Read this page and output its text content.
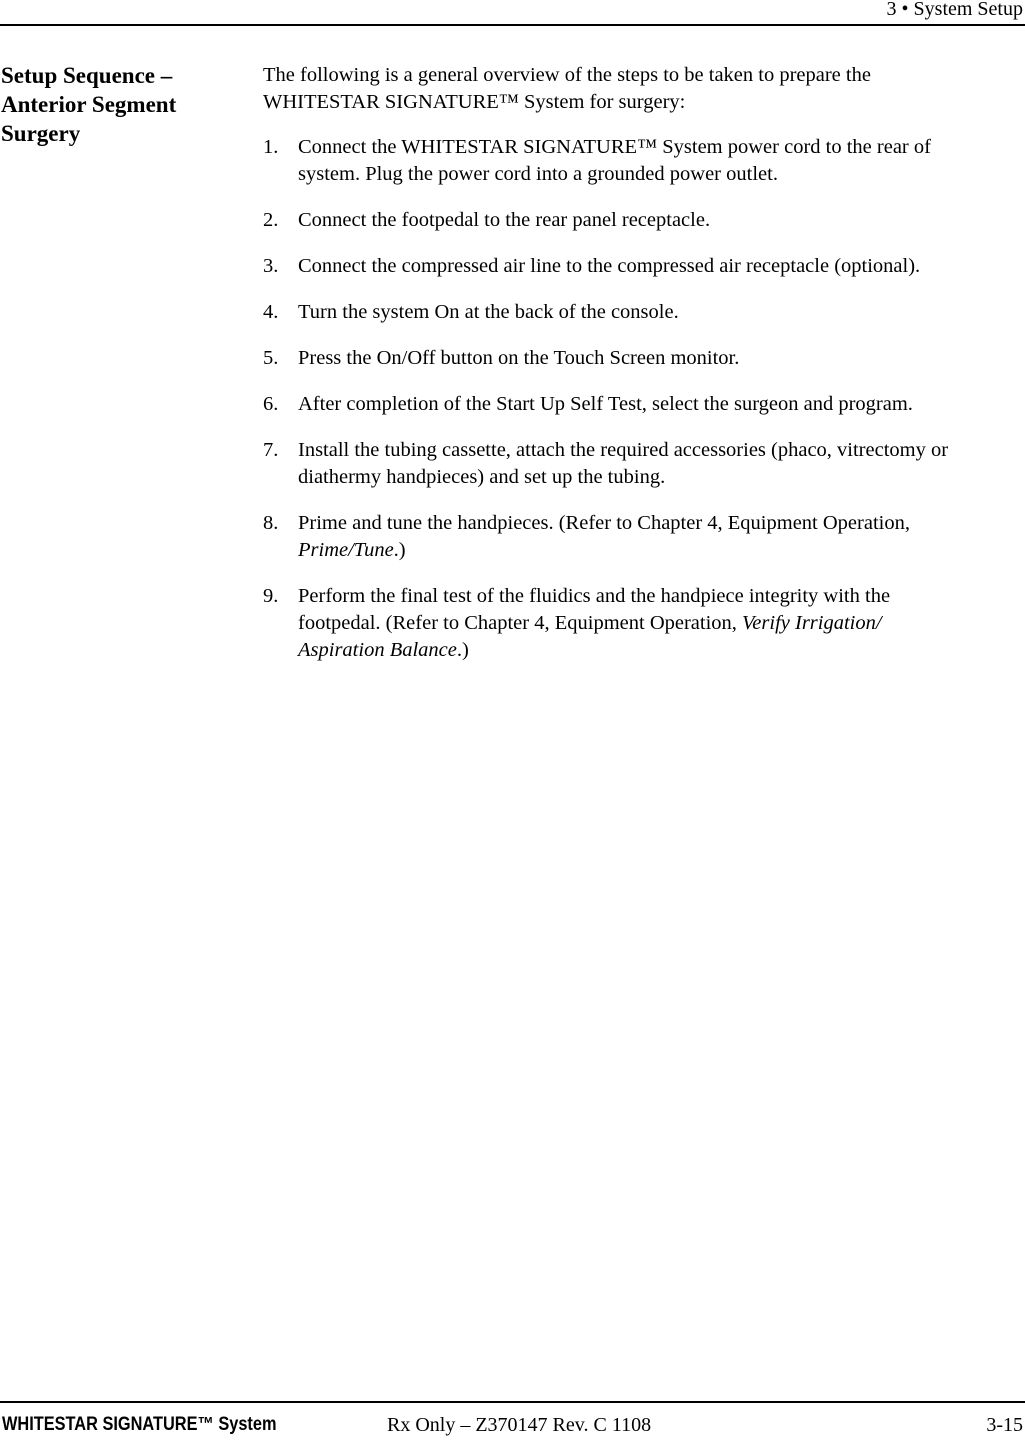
3 • System Setup
Setup Sequence –
Anterior Segment
Surgery

The following is a general overview of the steps to be taken to prepare the
WHITESTAR SIGNATURE™ System for surgery:

1. Connect the WHITESTAR SIGNATURE™ System power cord to the rear of
system. Plug the power cord into a grounded power outlet.
2. Connect the footpedal to the rear panel receptacle.
3. Connect the compressed air line to the compressed air receptacle (optional).
4. Turn the system On at the back of the console.
5. Press the On/Off button on the Touch Screen monitor.
6. After completion of the Start Up Self Test, select the surgeon and program.
7. Install the tubing cassette, attach the required accessories (phaco, vitrectomy or
diathermy handpieces) and set up the tubing.
8. Prime and tune the handpieces. (Refer to Chapter 4, Equipment Operation,
Prime/Tune.)
9. Perform the final test of the fluidics and the handpiece integrity with the
footpedal. (Refer to Chapter 4, Equipment Operation, Verify Irrigation/
Aspiration Balance.)
WHITESTAR SIGNATURE™ System	Rx Only – Z370147 Rev. C 1108	3-15
